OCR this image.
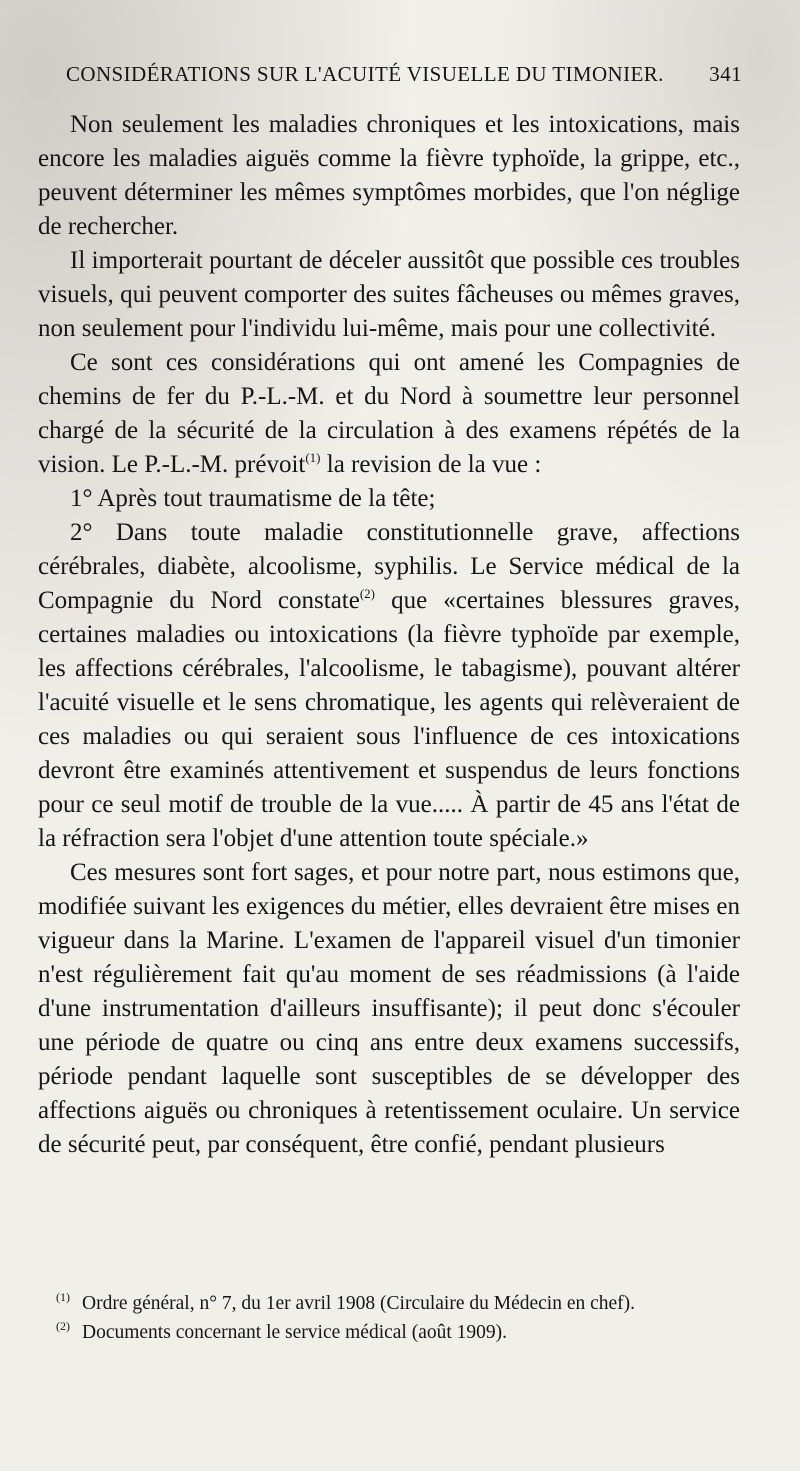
CONSIDÉRATIONS SUR L'ACUITÉ VISUELLE DU TIMONIER. 341

Non seulement les maladies chroniques et les intoxications, mais encore les maladies aiguës comme la fièvre typhoïde, la grippe, etc., peuvent déterminer les mêmes symptômes morbides, que l'on néglige de rechercher.

Il importerait pourtant de déceler aussitôt que possible ces troubles visuels, qui peuvent comporter des suites fâcheuses ou mêmes graves, non seulement pour l'individu lui-même, mais pour une collectivité.

Ce sont ces considérations qui ont amené les Compagnies de chemins de fer du P.-L.-M. et du Nord à soumettre leur personnel chargé de la sécurité de la circulation à des examens répétés de la vision. Le P.-L.-M. prévoit$^{(1)}$ la revision de la vue :

1° Après tout traumatisme de la tête;

2° Dans toute maladie constitutionnelle grave, affections cérébrales, diabète, alcoolisme, syphilis. Le Service médical de la Compagnie du Nord constate$^{(2)}$ que «certaines blessures graves, certaines maladies ou intoxications (la fièvre typhoïde par exemple, les affections cérébrales, l'alcoolisme, le tabagisme), pouvant altérer l'acuité visuelle et le sens chromatique, les agents qui relèveraient de ces maladies ou qui seraient sous l'influence de ces intoxications devront être examinés attentivement et suspendus de leurs fonctions pour ce seul motif de trouble de la vue..... À partir de 45 ans l'état de la réfraction sera l'objet d'une attention toute spéciale.»

Ces mesures sont fort sages, et pour notre part, nous estimons que, modifiée suivant les exigences du métier, elles devraient être mises en vigueur dans la Marine. L'examen de l'appareil visuel d'un timonier n'est régulièrement fait qu'au moment de ses réadmissions (à l'aide d'une instrumentation d'ailleurs insuffisante); il peut donc s'écouler une période de quatre ou cinq ans entre deux examens successifs, période pendant laquelle sont susceptibles de se développer des affections aiguës ou chroniques à retentissement oculaire. Un service de sécurité peut, par conséquent, être confié, pendant plusieurs

$^{(1)}$ Ordre général, n° 7, du 1er avril 1908 (Circulaire du Médecin en chef).

$^{(2)}$ Documents concernant le service médical (août 1909).
